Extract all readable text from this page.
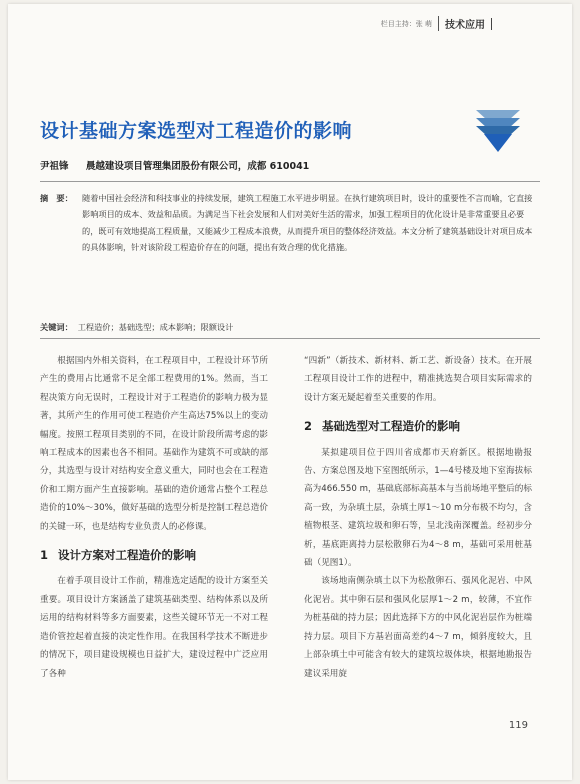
栏目主持：张 萌	技术应用
设计基础方案选型对工程造价的影响
尹祖锋 晨越建设项目管理集团股份有限公司，成都 610041
摘　要： 随着中国社会经济和科技事业的持续发展，建筑工程施工水平进步明显。在执行建筑项目时，设计的重要性不言而喻，它直接影响项目的成本、效益和品质。为满足当下社会发展和人们对美好生活的需求，加强工程项目的优化设计是非常重要且必要的，既可有效地提高工程质量，又能减少工程成本浪费，从而提升项目的整体经济效益。本文分析了建筑基础设计对项目成本的具体影响，针对该阶段工程造价存在的问题，提出有效合理的优化措施。
关键词： 工程造价；基础选型；成本影响；限额设计

根据国内外相关资料，在工程项目中，工程设计环节所产生的费用占比通常不足全部工程费用的1%。然而，当工程决策方向无误时，工程设计对于工程造价的影响力极为显著，其所产生的作用可使工程造价产生高达75%以上的变动幅度。按照工程项目类别的不同，在设计阶段所需考虑的影响工程成本的因素也各不相同。基础作为建筑不可或缺的部分，其选型与设计对结构安全意义重大，同时也会在工程造价和工期方面产生直接影响。基础的造价通常占整个工程总造价的10%～30%，做好基础的选型分析是控制工程总造价的关键一环，也是结构专业负责人的必修课。

1 设计方案对工程造价的影响

在着手项目设计工作前，精准选定适配的设计方案至关重要。项目设计方案涵盖了建筑基础类型、结构体系以及所运用的结构材料等多方面要素，这些关键环节无一不对工程造价管控起着直接的决定性作用。在我国科学技术不断进步的情况下，项目建设规模也日益扩大，建设过程中广泛应用了各种

“四新”（新技术、新材料、新工艺、新设备）技术。在开展工程项目设计工作的进程中，精准挑选契合项目实际需求的设计方案无疑起着至关重要的作用。

2 基础选型对工程造价的影响

某拟建项目位于四川省成都市天府新区。根据地勘报告、方案总图及地下室图纸所示，1—4号楼及地下室海拔标高为466.550 m，基础底部标高基本与当前场地平整后的标高一致，为杂填土层，杂填土厚1～10 m分布极不均匀，含植物根茎、建筑垃圾和卵石等，呈北浅南深覆盖。经初步分析，基底距离持力层松散卵石为4～8 m，基础可采用桩基础（见图1）。

该场地南侧杂填土以下为松散卵石、强风化泥岩、中风化泥岩。其中卵石层和强风化层厚1～2 m，较薄，不宜作为桩基础的持力层；因此选择下方的中风化泥岩层作为桩端持力层。项目下方基岩面高差约4～7 m，倾斜度较大，且上部杂填土中可能含有较大的建筑垃圾体块，根据地勘报告建议采用旋

119
